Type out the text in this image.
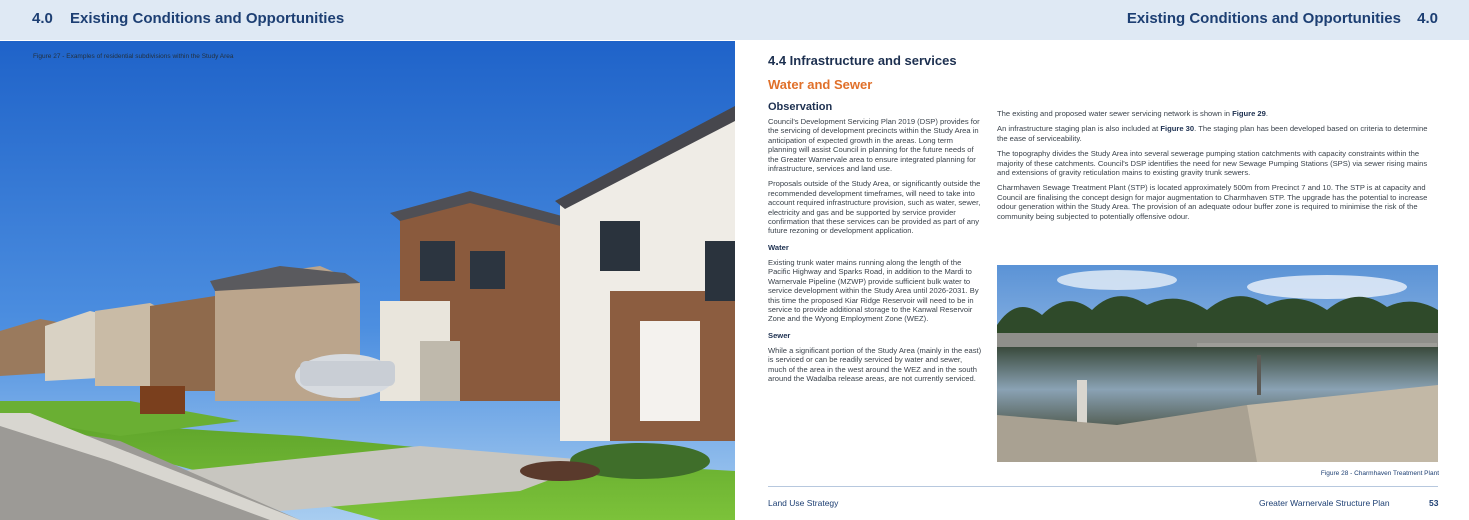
4.0 Existing Conditions and Opportunities	Existing Conditions and Opportunities 4.0
Figure 27 - Examples of residential subdivisions within the Study Area	4.4 Infrastructure and services
Water and Sewer
Observation

Council's Development Servicing Plan 2019 (DSP) provides for the servicing of development precincts within the Study Area in anticipation of expected growth in the areas. Long term planning will assist Council in planning for the future needs of the Greater Warnervale area to ensure integrated planning for infrastructure, services and land use.

Proposals outside of the Study Area, or significantly outside the recommended development timeframes, will need to take into account required infrastructure provision, such as water, sewer, electricity and gas and be supported by service provider confirmation that these services can be provided as part of any future rezoning or development application.

Water

Existing trunk water mains running along the length of the Pacific Highway and Sparks Road, in addition to the Mardi to Warnervale Pipeline (MZWP) provide sufficient bulk water to service development within the Study Area until 2026-2031. By this time the proposed Kiar Ridge Reservoir will need to be in service to provide additional storage to the Kanwal Reservoir Zone and the Wyong Employment Zone (WEZ).

Sewer

While a significant portion of the Study Area (mainly in the east) is serviced or can be readily serviced by water and sewer, much of the area in the west around the WEZ and in the south around the Wadalba release areas, are not currently serviced.

The existing and proposed water sewer servicing network is shown in Figure 29.

An infrastructure staging plan is also included at Figure 30. The staging plan has been developed based on criteria to determine the ease of serviceability.

The topography divides the Study Area into several sewerage pumping station catchments with capacity constraints within the majority of these catchments. Council's DSP identifies the need for new Sewage Pumping Stations (SPS) via sewer rising mains and extensions of gravity reticulation mains to existing gravity trunk sewers.

Charmhaven Sewage Treatment Plant (STP) is located approximately 500m from Precinct 7 and 10. The STP is at capacity and Council are finalising the concept design for major augmentation to Charmhaven STP. The upgrade has the potential to increase odour generation within the Study Area. The provision of an adequate odour buffer zone is required to minimise the risk of the community being subjected to potentially offensive odour.

Figure 28 - Charmhaven Treatment Plant
Land Use Strategy	Greater Warnervale Structure Plan	53
